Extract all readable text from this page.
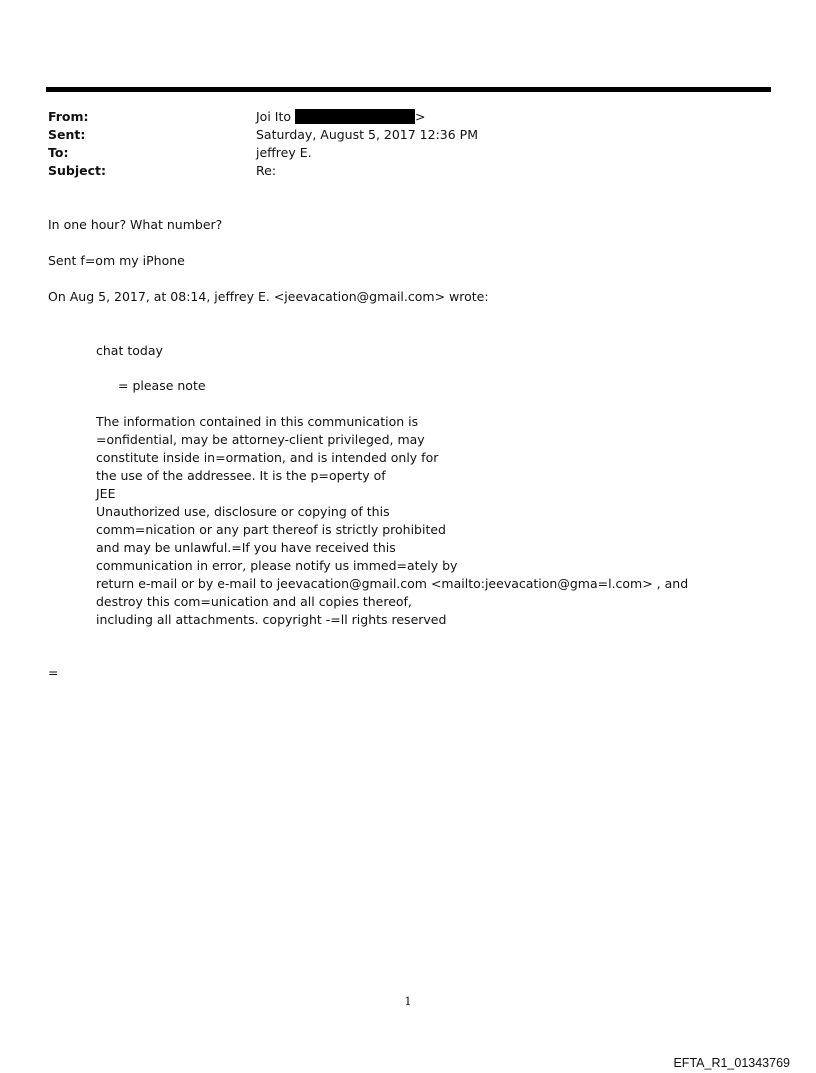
From:	Joi Ito	>
Sent:	Saturday, August 5, 2017 12:36 PM
To:	jeffrey E.
Subject:	Re:
In one hour? What number?
Sent f=om my iPhone
On Aug 5, 2017, at 08:14, jeffrey E. <jeevacation@gmail.com> wrote:
chat today
= please note
The information contained in this communication is
=onfidential, may be attorney-client privileged, may
constitute inside in=ormation, and is intended only for
the use of the addressee. It is the p=operty of
JEE
Unauthorized use, disclosure or copying of this
comm=nication or any part thereof is strictly prohibited
and may be unlawful.=If you have received this
communication in error, please notify us immed=ately by
return e-mail or by e-mail to jeevacation@gmail.com <mailto:jeevacation@gma=l.com> , and
destroy this com=unication and all copies thereof,
including all attachments. copyright -=ll rights reserved
=
1
EFTA_R1_01343769
